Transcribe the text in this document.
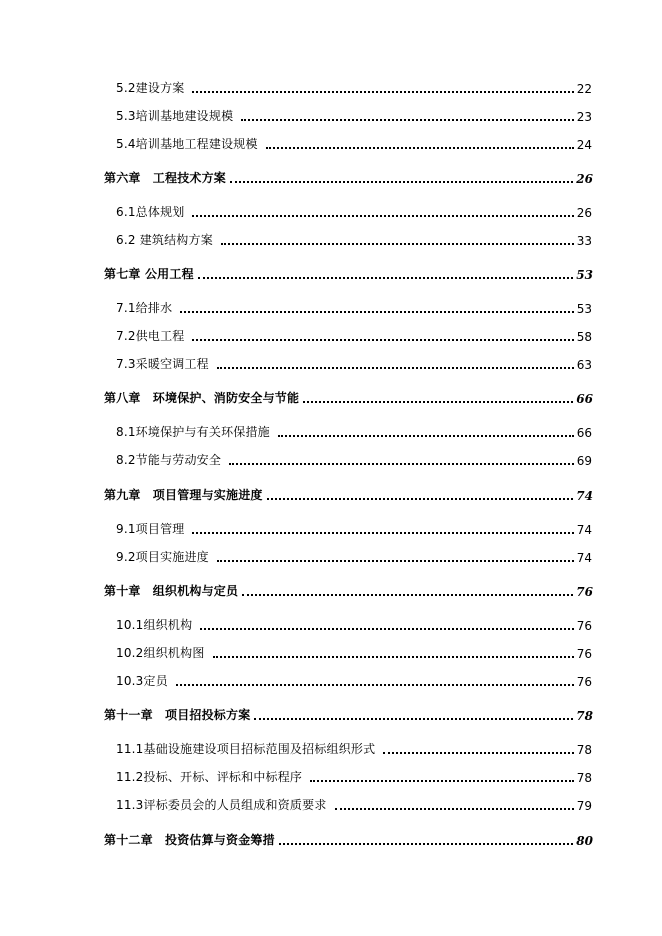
5.2建设方案	22
5.3培训基地建设规模	23
5.4培训基地工程建设规模	24
第六章　工程技术方案	26
6.1总体规划	26
6.2 建筑结构方案	33
第七章 公用工程	53
7.1给排水	53
7.2供电工程	58
7.3采暖空调工程	63
第八章　环境保护、消防安全与节能	66
8.1环境保护与有关环保措施	66
8.2节能与劳动安全	69
第九章　项目管理与实施进度	74
9.1项目管理	74
9.2项目实施进度	74
第十章　组织机构与定员	76
10.1组织机构	76
10.2组织机构图	76
10.3定员	76
第十一章　项目招投标方案	78
11.1基础设施建设项目招标范围及招标组织形式	78
11.2投标、开标、评标和中标程序	78
11.3评标委员会的人员组成和资质要求	79
第十二章　投资估算与资金筹措	80
